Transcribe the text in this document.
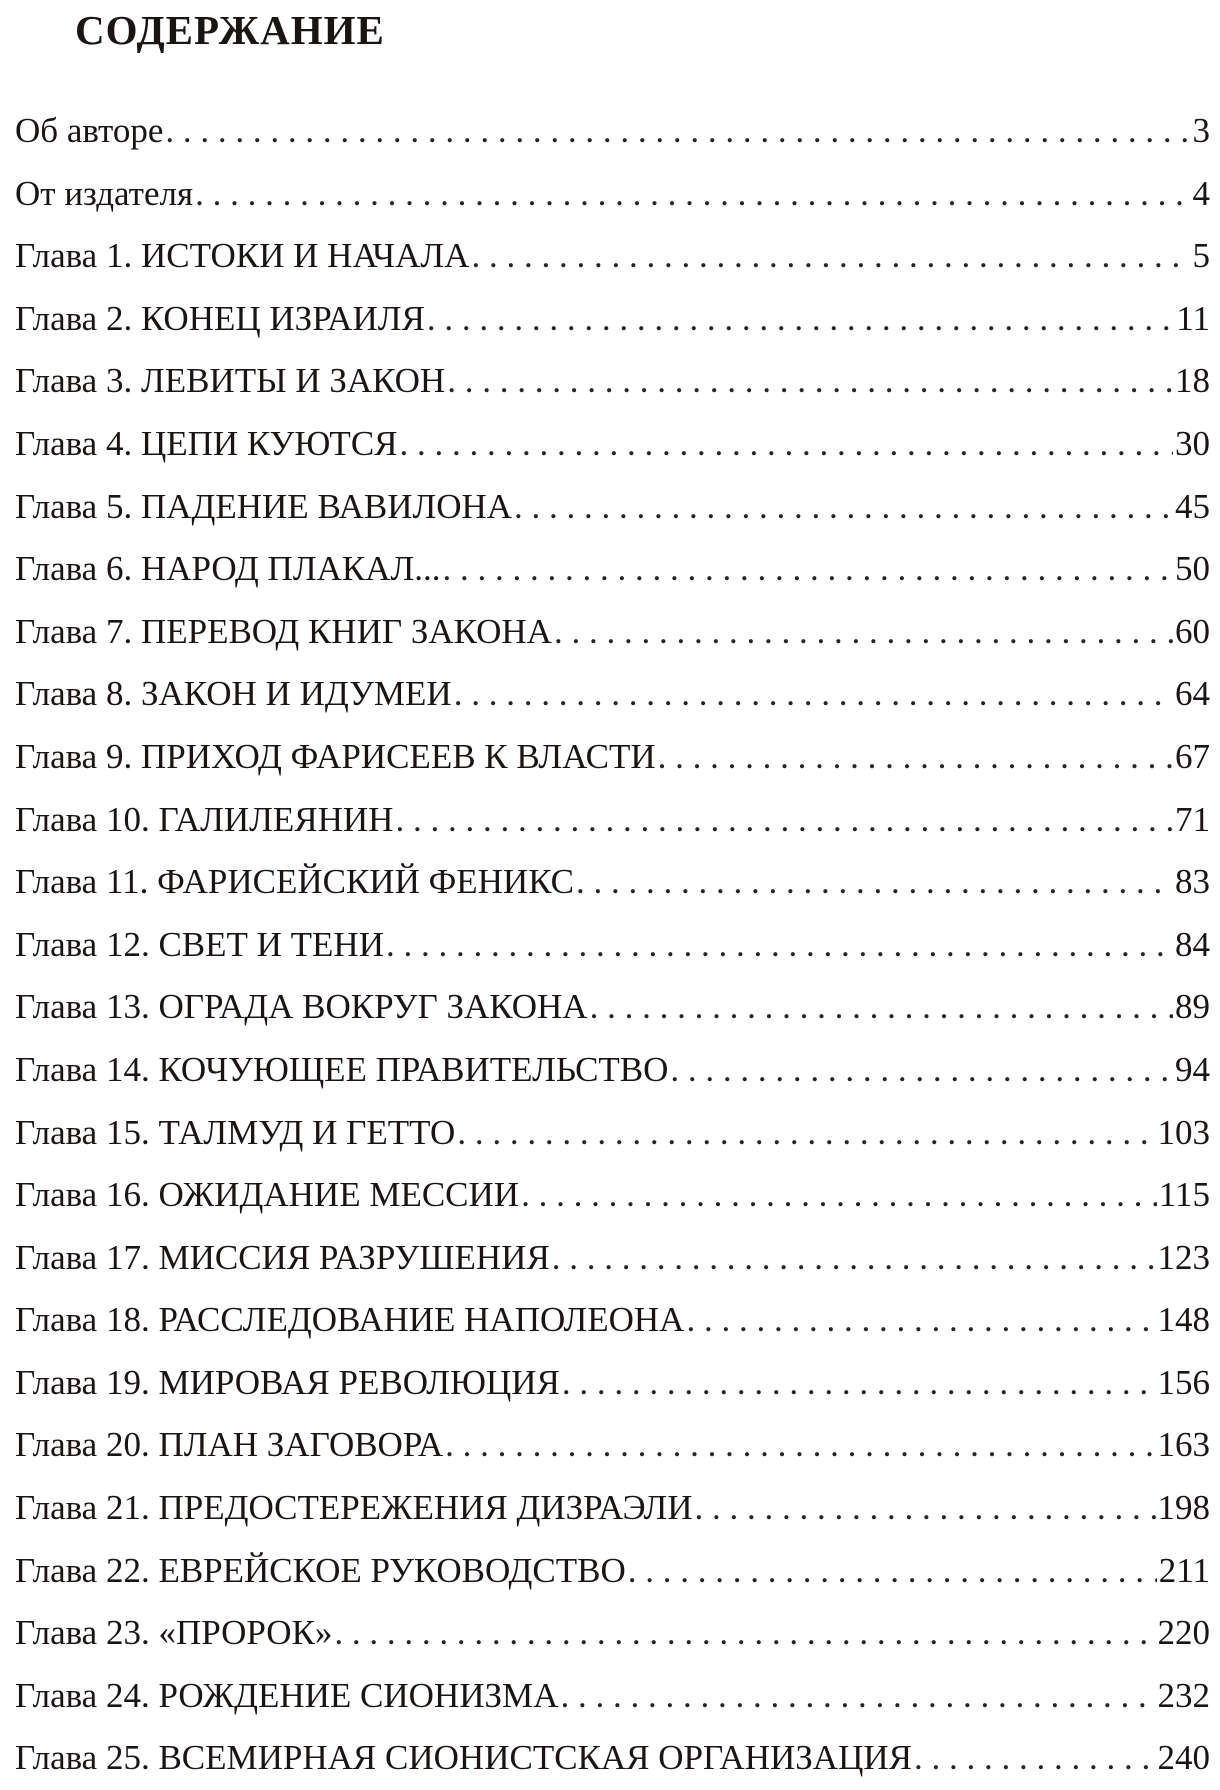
СОДЕРЖАНИЕ
Об авторе . . .	3
От издателя . . .	4
Глава 1. ИСТОКИ И НАЧАЛА . . .	5
Глава 2. КОНЕЦ ИЗРАИЛЯ . . .	11
Глава 3. ЛЕВИТЫ И ЗАКОН . . .	18
Глава 4. ЦЕПИ КУЮТСЯ . . .	30
Глава 5. ПАДЕНИЕ ВАВИЛОНА . . .	45
Глава 6. НАРОД ПЛАКАЛ... . . .	50
Глава 7. ПЕРЕВОД КНИГ ЗАКОНА . . .	60
Глава 8. ЗАКОН И ИДУМЕИ . . .	64
Глава 9. ПРИХОД ФАРИСЕЕВ К ВЛАСТИ . . .	67
Глава 10. ГАЛИЛЕЯНИН . . .	71
Глава 11. ФАРИСЕЙСКИЙ ФЕНИКС . . .	83
Глава 12. СВЕТ И ТЕНИ . . .	84
Глава 13. ОГРАДА ВОКРУГ ЗАКОНА . . .	89
Глава 14. КОЧУЮЩЕЕ ПРАВИТЕЛЬСТВО . . .	94
Глава 15. ТАЛМУД И ГЕТТО . . .	103
Глава 16. ОЖИДАНИЕ МЕССИИ . . .	115
Глава 17. МИССИЯ РАЗРУШЕНИЯ . . .	123
Глава 18. РАССЛЕДОВАНИЕ НАПОЛЕОНА . . .	148
Глава 19. МИРОВАЯ РЕВОЛЮЦИЯ . . .	156
Глава 20. ПЛАН ЗАГОВОРА . . .	163
Глава 21. ПРЕДОСТЕРЕЖЕНИЯ ДИЗРАЭЛИ . . .	198
Глава 22. ЕВРЕЙСКОЕ РУКОВОДСТВО . . .	211
Глава 23. «ПРОРОК» . . .	220
Глава 24. РОЖДЕНИЕ СИОНИЗМА . . .	232
Глава 25. ВСЕМИРНАЯ СИОНИСТСКАЯ ОРГАНИЗАЦИЯ . . .	240
